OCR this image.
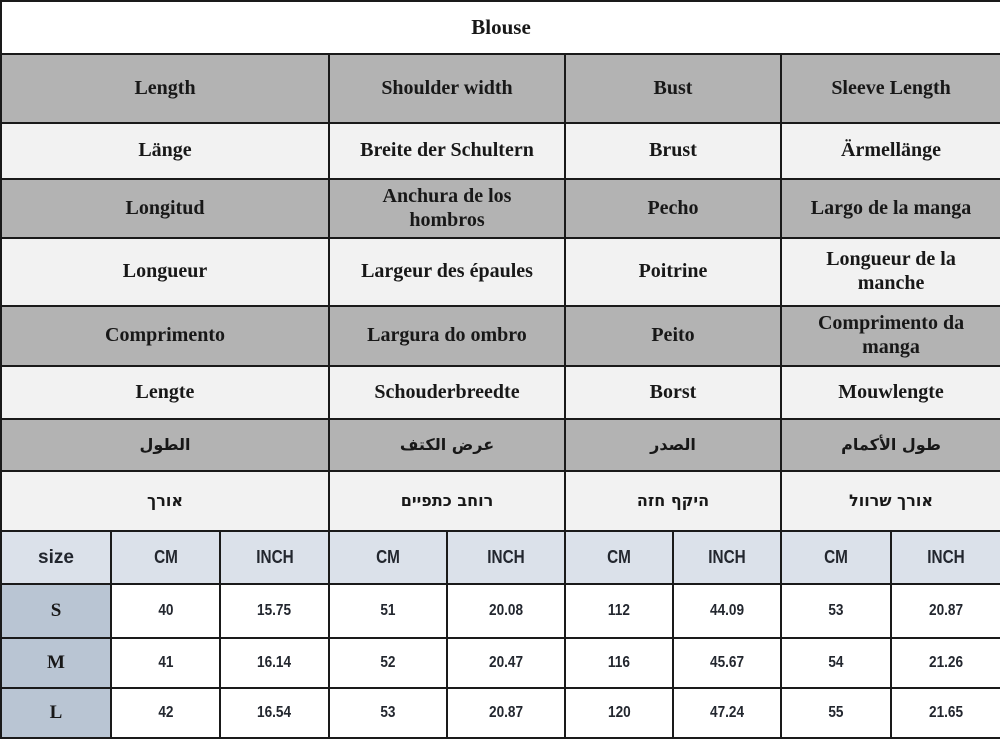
Blouse								
Length			Shoulder width		Bust		Sleeve Length	
Länge			Breite der Schultern		Brust		Ärmellänge	
Longitud			Anchura de los hombros		Pecho		Largo de la manga	
Longueur			Largeur des épaules		Poitrine		Longueur de la manche	
Comprimento			Largura do ombro		Peito		Comprimento da manga	
Lengte			Schouderbreedte		Borst		Mouwlengte	
الطول			عرض الكتف		الصدر		طول الأكمام	
אורך			רוחב כתפיים		היקף חזה		אורך שרוול	
size	CM	INCH	CM	INCH	CM	INCH	CM	INCH
S	40	15.75	51	20.08	112	44.09	53	20.87
M	41	16.14	52	20.47	116	45.67	54	21.26
L	42	16.54	53	20.87	120	47.24	55	21.65
